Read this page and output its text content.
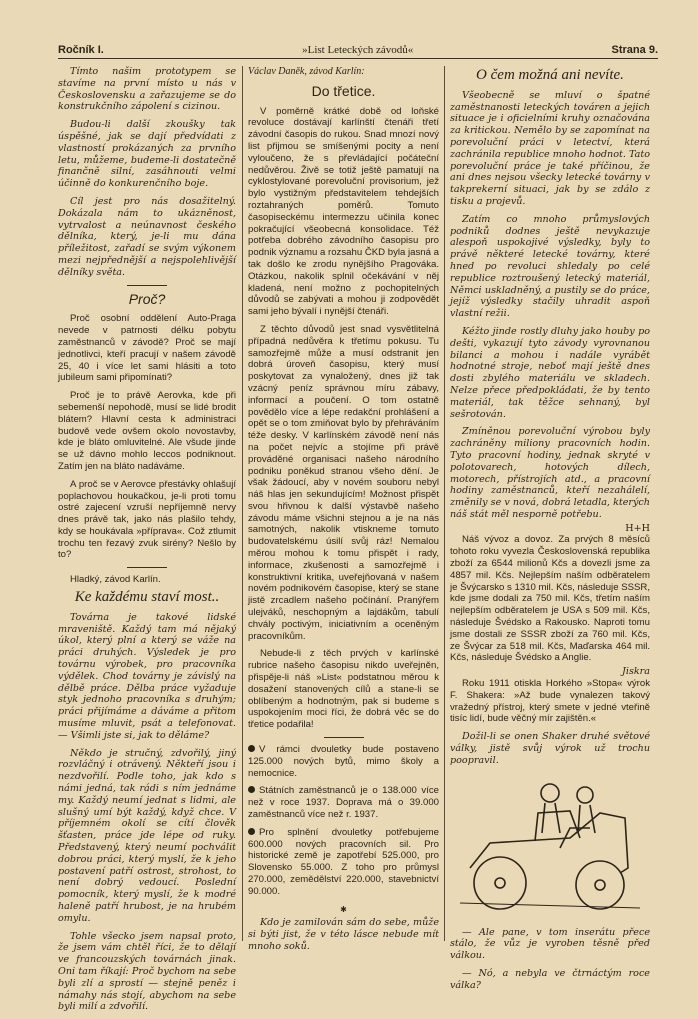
Ročník I.	»List Leteckých závodů«	Strana 9.

Tímto našim prototypem se stavíme na první místo u nás v Československu a zařazujeme se do konstrukčního zápolení s cizinou.

Budou-li další zkoušky tak úspěšné, jak se dají předvídati z vlastností prokázaných za prvního letu, můžeme, budeme-li dostatečně finančně silní, zasáhnouti velmi účinně do konkurenčního boje.

Cíl jest pro nás dosažitelný. Dokázala nám to ukázněnost, vytrvalost a neúnavnost českého dělníka, který, je-li mu dána příležitost, zařadí se svým výkonem mezi nejpřednější a nejspolehlivější dělníky světa.

Proč?

Proč osobní oddělení Auto-Praga nevede v patrnosti délku pobytu zaměstnanců v závodě? Proč se mají jednotlivci, kteří pracují v našem závodě 25, 40 i více let sami hlásiti a toto jubileum sami připomínati?

Proč je to právě Aerovka, kde při sebemenší nepohodě, musí se lidé brodit blátem? Hlavní cesta k administraci budově vede ovšem okolo novostavby, kde je bláto omluvitelné. Ale všude jinde se už dávno mohlo leccos podniknout. Zatím jen na bláto nadáváme.

A proč se v Aerovce přestávky ohlašují poplachovou houkačkou, je-li proti tomu ostré zajecení vzruší nepříjemně nervy dnes právě tak, jako nás plašilo tehdy, kdy se houkávala »příprava«. Což ztlumit trochu ten řezavý zvuk sirény? Nešlo by to?

Hladký, závod Karlín.

Ke každému staví most..

Továrna je takové lidské mraveniště. Každý tam má nějaký úkol, který plní a který se váže na práci druhých. Výsledek je pro továrnu výrobek, pro pracovníka výdělek. Chod továrny je závislý na dělbě práce. Dělba práce vyžaduje styk jednoho pracovníka s druhým; práci přijímáme a dáváme a přitom musíme mluvit, psát a telefonovat. — Všimli jste si, jak to děláme?

Někdo je stručný, zdvořilý, jiný rozvláčný i otrávený. Někteří jsou i nezdvořilí. Podle toho, jak kdo s námi jedná, tak rádi s ním jednáme my. Každý neumí jednat s lidmi, ale slušný umí být každý, když chce. V příjemném okolí se cítí člověk šťasten, práce jde lépe od ruky. Představený, který neumí pochválit dobrou práci, který myslí, že k jeho postavení patří ostrost, strohost, to není dobrý vedoucí. Poslední pomocník, který myslí, že k modré haleně patří hrubost, je na hrubém omylu.

Tohle všecko jsem napsal proto, že jsem vám chtěl říci, že to dělají ve francouzských továrnách jinak. Oni tam říkají: Proč bychom na sebe byli zlí a sprostí — stejně peněz i námahy nás stojí, abychom na sebe byli milí a zdvořilí.

Václav Daněk, závod Karlín:

Do třetice.

V poměrně krátké době od loňské revoluce dostávají karlínští čtenáři třetí závodní časopis do rukou. Snad mnozí nový list přijmou se smíšenými pocity a není vyloučeno, že s převládající počáteční nedůvěrou. Živě se totiž ještě pamatují na cyklostylované porevoluční provisorium, jež bylo vystižným představitelem tehdejších roztahraných poměrů. Tomuto časopiseckému intermezzu učinila konec pokračující všeobecná konsolidace. Též potřeba dobrého závodního časopisu pro podnik významu a rozsahu ČKD byla jasná a tak došlo ke zrodu nynějšího Pragováka. Otázkou, nakolik splnil očekávání v něj kladená, není možno z pochopitelných důvodů se zabývati a mohou ji zodpovědět sami jeho bývalí i nynější čtenáři.

Z těchto důvodů jest snad vysvětlitelná případná nedůvěra k třetímu pokusu. Tu samozřejmě může a musí odstranit jen dobrá úroveň časopisu, který musí poskytovat za vynaložený, dnes již tak vzácný peníz správnou míru zábavy, informací a poučení. O tom ostatně povědělo více a lépe redakční prohlášení a opět se o tom zmiňovat bylo by přehráváním téže desky. V karlínském závodě není nás na počet nejvíc a stojíme při právě prováděné organisaci našeho národního podniku poněkud stranou všeho dění. Je však žádoucí, aby v novém souboru nebyl náš hlas jen sekundujícím! Možnost přispět svou hřivnou k další výstavbě našeho závodu máme všichni stejnou a je na nás samotných, nakolik vtiskneme tomuto budovatelskému úsilí svůj ráz! Nemalou měrou mohou k tomu přispět i rady, informace, zkušenosti a samozřejmě i konstruktivní kritika, uveřejňovaná v našem novém podnikovém časopise, který se stane jistě zrcadlem našeho počínání. Pranýřem ulejváků, neschopným a lajdákům, tabulí chvály poctivým, iniciativním a oceněným pracovníkům.

Nebude-li z těch prvých v karlínské rubrice našeho časopisu nikdo uveřejněn, přispěje-li náš »List« podstatnou měrou k dosažení stanovených cílů a stane-li se oblíbeným a hodnotným, pak si budeme s uspokojením moci říci, že dobrá věc se do třetice podařila!

V rámci dvouletky bude postaveno 125.000 nových bytů, mimo školy a nemocnice.

Státních zaměstnanců je o 138.000 více než v roce 1937. Doprava má o 39.000 zaměstnanců více než r. 1937.

Pro splnění dvouletky potřebujeme 600.000 nových pracovních sil. Pro historické země je zapotřebí 525.000, pro Slovensko 55.000. Z toho pro průmysl 270.000, zemědělství 220.000, stavebnictví 90.000.

✱

Kdo je zamilován sám do sebe, může si býti jist, že v této lásce nebude mít mnoho soků.

O čem možná ani nevíte.

Všeobecně se mluví o špatné zaměstnanosti leteckých továren a jejich situace je i oficielními kruhy označována za kritickou. Nemělo by se zapomínat na porevoluční práci v letectví, která zachránila republice mnoho hodnot. Tato porevoluční práce je také příčinou, že ani dnes nejsou všecky letecké továrny v takprekerní situaci, jak by se zdálo z tisku a projevů.

Zatím co mnoho průmyslových podniků dodnes ještě nevykazuje alespoň uspokojivé výsledky, byly to právě některé letecké továrny, které hned po revoluci shledaly po celé republice roztroušený letecký materiál, Němci uskladněný, a pustily se do práce, jejíž výsledky stačily uhradit aspoň vlastní režii.

Kéžto jinde rostly dluhy jako houby po dešti, vykazují tyto závody vyrovnanou bilanci a mohou i nadále vyrábět hodnotné stroje, neboť mají ještě dnes dosti zbylého materiálu ve skladech. Nelze přece předpokládati, že by tento materiál, tak těžce sehnaný, byl sešrotován.

Zmíněnou porevoluční výrobou byly zachráněny miliony pracovních hodin. Tyto pracovní hodiny, jednak skryté v polotovarech, hotových dílech, motorech, přístrojích atd., a pracovní hodiny zaměstnanců, kteří nezahálelí, změnily se v nová, dobrá letadla, kterých náš stát měl nesporně potřebu.

H+H

Náš vývoz a dovoz. Za prvých 8 měsíců tohoto roku vyvezla Československá republika zboží za 6544 milionů Kčs a dovezli jsme za 4857 mil. Kčs. Nejlepším naším odběratelem je Švýcarsko s 1310 mil. Kčs, následuje SSSR, kde jsme dodali za 750 mil. Kčs, třetím naším nejlepším odběratelem je USA s 509 mil. Kčs, následuje Švédsko a Rakousko. Naproti tomu jsme dostali ze SSSR zboží za 760 mil. Kčs, ze Švýcar za 518 mil. Kčs, Maďarska 464 mil. Kčs, následuje Švédsko a Anglie.

Jiskra

Roku 1911 otiskla Horkého »Stopa« výrok F. Shakera: »Až bude vynalezen takový vražedný přístroj, který smete v jedné vteřině tisíc lidí, bude věčný mír zajištěn.«

Dožil-li se onen Shaker druhé světové války, jistě svůj výrok už trochu poopravil.

— Ale pane, v tom inserátu přece stálo, že vůz je vyroben těsně před válkou.

— Nó, a nebyla ve čtrnáctým roce válka?
